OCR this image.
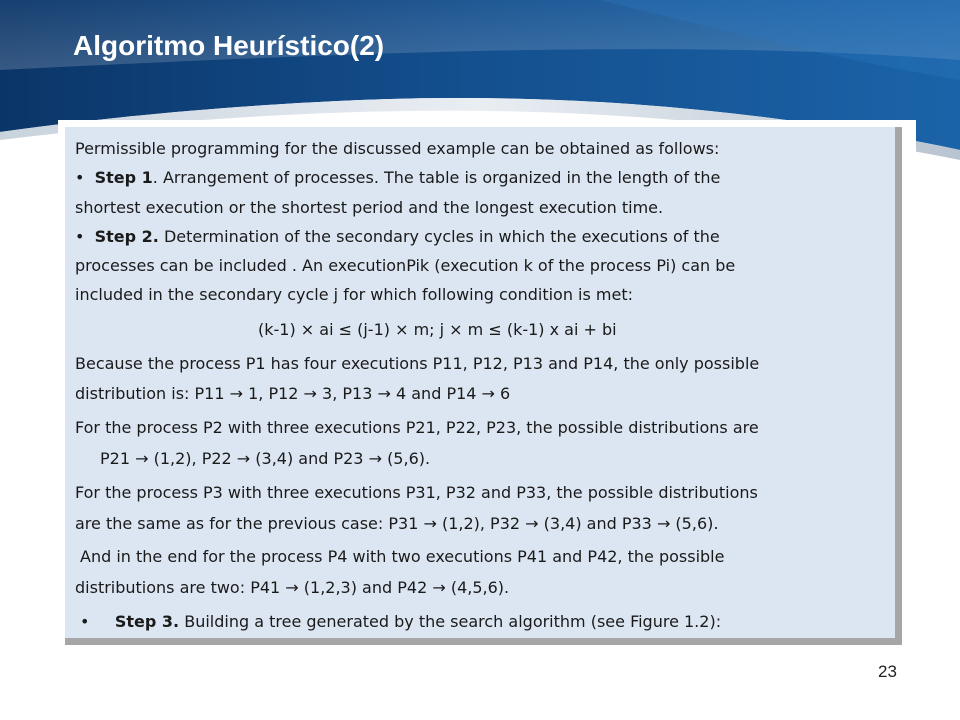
Algoritmo Heurístico(2)
Permissible programming for the discussed example can be obtained as follows:
•  Step 1. Arrangement of processes. The table is organized in the length of the
shortest execution or the shortest period and the longest execution time.
•  Step 2. Determination of the secondary cycles in which the executions of the
processes can be included . An executionPik (execution k of the process Pi) can be
included in the secondary cycle j for which following condition is met:
(k-1) × ai ≤ (j-1) × m; j × m ≤ (k-1) x ai + bi
Because the process P1 has four executions P11, P12, P13 and P14, the only possible
distribution is: P11 → 1, P12 → 3, P13 → 4 and P14 → 6
For the process P2 with three executions P21, P22, P23, the possible distributions are
P21 → (1,2), P22 → (3,4) and P23 → (5,6).
For the process P3 with three executions P31, P32 and P33, the possible distributions
are the same as for the previous case: P31 → (1,2), P32 → (3,4) and P33 → (5,6).
And in the end for the process P4 with two executions P41 and P42, the possible
distributions are two: P41 → (1,2,3) and P42 → (4,5,6).
•     Step 3. Building a tree generated by the search algorithm (see Figure 1.2):
23
